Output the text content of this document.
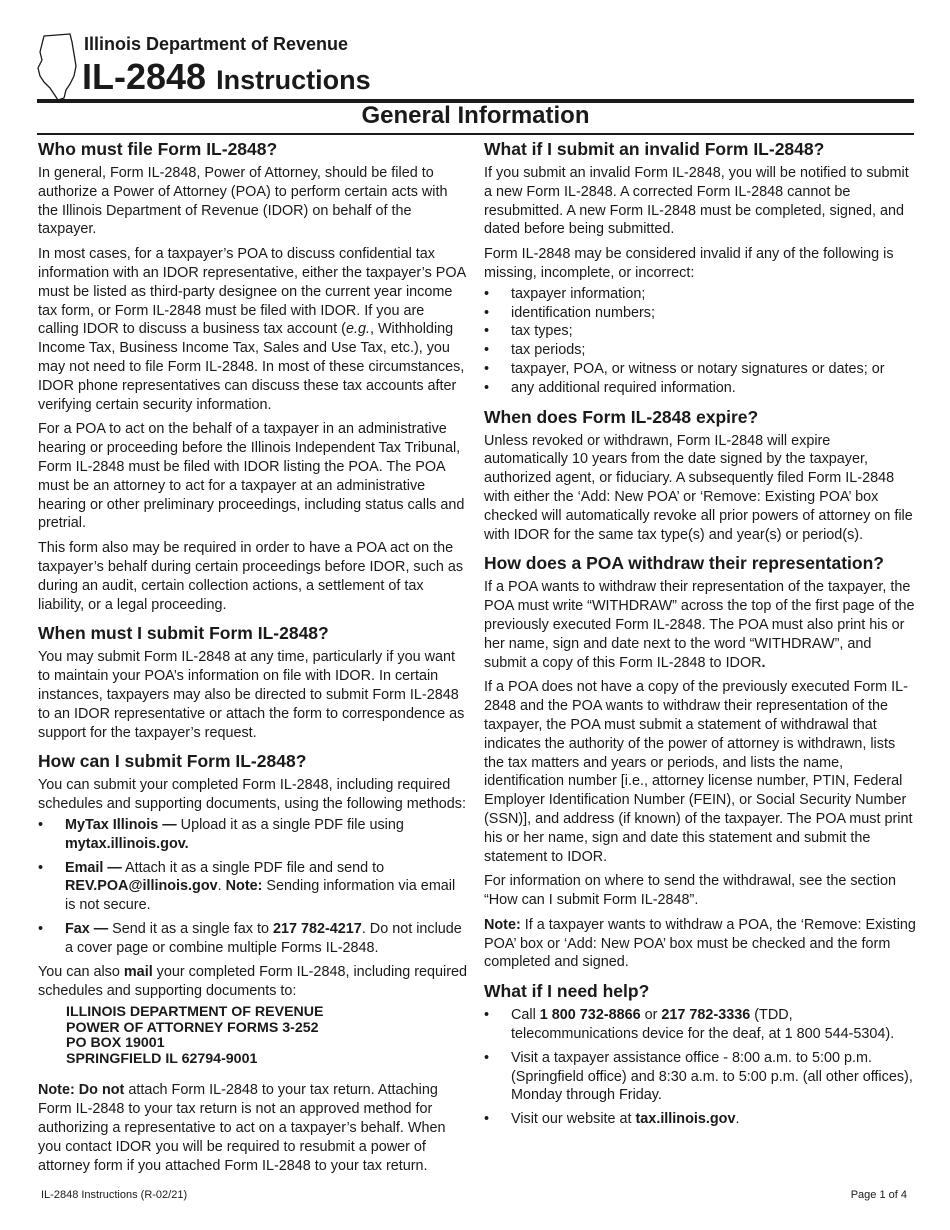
Illinois Department of Revenue
IL-2848 Instructions
General Information
Who must file Form IL-2848?

In general, Form IL-2848, Power of Attorney, should be filed to authorize a Power of Attorney (POA) to perform certain acts with the Illinois Department of Revenue (IDOR) on behalf of the taxpayer.

In most cases, for a taxpayer’s POA to discuss confidential tax information with an IDOR representative, either the taxpayer’s POA must be listed as third-party designee on the current year income tax form, or Form IL-2848 must be filed with IDOR. If you are calling IDOR to discuss a business tax account (e.g., Withholding Income Tax, Business Income Tax, Sales and Use Tax, etc.), you may not need to file Form IL-2848. In most of these circumstances, IDOR phone representatives can discuss these tax accounts after verifying certain security information.

For a POA to act on the behalf of a taxpayer in an administrative hearing or proceeding before the Illinois Independent Tax Tribunal, Form IL-2848 must be filed with IDOR listing the POA. The POA must be an attorney to act for a taxpayer at an administrative hearing or other preliminary proceedings, including status calls and pretrial.

This form also may be required in order to have a POA act on the taxpayer’s behalf during certain proceedings before IDOR, such as during an audit, certain collection actions, a settlement of tax liability, or a legal proceeding.

When must I submit Form IL-2848?

You may submit Form IL-2848 at any time, particularly if you want to maintain your POA’s information on file with IDOR. In certain instances, taxpayers may also be directed to submit Form IL-2848 to an IDOR representative or attach the form to correspondence as support for the taxpayer’s request.

How can I submit Form IL-2848?

You can submit your completed Form IL-2848, including required schedules and supporting documents, using the following methods:

• MyTax Illinois — Upload it as a single PDF file using mytax.illinois.gov.
• Email — Attach it as a single PDF file and send to REV.POA@illinois.gov. Note: Sending information via email is not secure.
• Fax — Send it as a single fax to 217 782-4217. Do not include a cover page or combine multiple Forms IL-2848.

You can also mail your completed Form IL-2848, including required schedules and supporting documents to:

ILLINOIS DEPARTMENT OF REVENUE
POWER OF ATTORNEY FORMS 3-252
PO BOX 19001
SPRINGFIELD IL 62794-9001

Note: Do not attach Form IL-2848 to your tax return. Attaching Form IL-2848 to your tax return is not an approved method for authorizing a representative to act on a taxpayer’s behalf. When you contact IDOR you will be required to resubmit a power of attorney form if you attached Form IL-2848 to your tax return.

What if I submit an invalid Form IL-2848?

If you submit an invalid Form IL-2848, you will be notified to submit a new Form IL-2848. A corrected Form IL-2848 cannot be resubmitted. A new Form IL-2848 must be completed, signed, and dated before being submitted.

Form IL-2848 may be considered invalid if any of the following is missing, incomplete, or incorrect:

• taxpayer information;
• identification numbers;
• tax types;
• tax periods;
• taxpayer, POA, or witness or notary signatures or dates; or
• any additional required information.
When does Form IL-2848 expire?

Unless revoked or withdrawn, Form IL-2848 will expire automatically 10 years from the date signed by the taxpayer, authorized agent, or fiduciary. A subsequently filed Form IL-2848 with either the ‘Add: New POA’ or ‘Remove: Existing POA’ box checked will automatically revoke all prior powers of attorney on file with IDOR for the same tax type(s) and year(s) or period(s).

How does a POA withdraw their representation?

If a POA wants to withdraw their representation of the taxpayer, the POA must write “WITHDRAW” across the top of the first page of the previously executed Form IL-2848. The POA must also print his or her name, sign and date next to the word “WITHDRAW”, and submit a copy of this Form IL-2848 to IDOR.

If a POA does not have a copy of the previously executed Form IL-2848 and the POA wants to withdraw their representation of the taxpayer, the POA must submit a statement of withdrawal that indicates the authority of the power of attorney is withdrawn, lists the tax matters and years or periods, and lists the name, identification number [i.e., attorney license number, PTIN, Federal Employer Identification Number (FEIN), or Social Security Number (SSN)], and address (if known) of the taxpayer. The POA must print his or her name, sign and date this statement and submit the statement to IDOR.

For information on where to send the withdrawal, see the section “How can I submit Form IL-2848”.

Note: If a taxpayer wants to withdraw a POA, the ‘Remove: Existing POA’ box or ‘Add: New POA’ box must be checked and the form completed and signed.

What if I need help?
• Call 1 800 732-8866 or 217 782-3336 (TDD, telecommunications device for the deaf, at 1 800 544-5304).
• Visit a taxpayer assistance office - 8:00 a.m. to 5:00 p.m. (Springfield office) and 8:30 a.m. to 5:00 p.m. (all other offices), Monday through Friday.
• Visit our website at tax.illinois.gov.
IL-2848 Instructions (R-02/21)	Page 1 of 4
